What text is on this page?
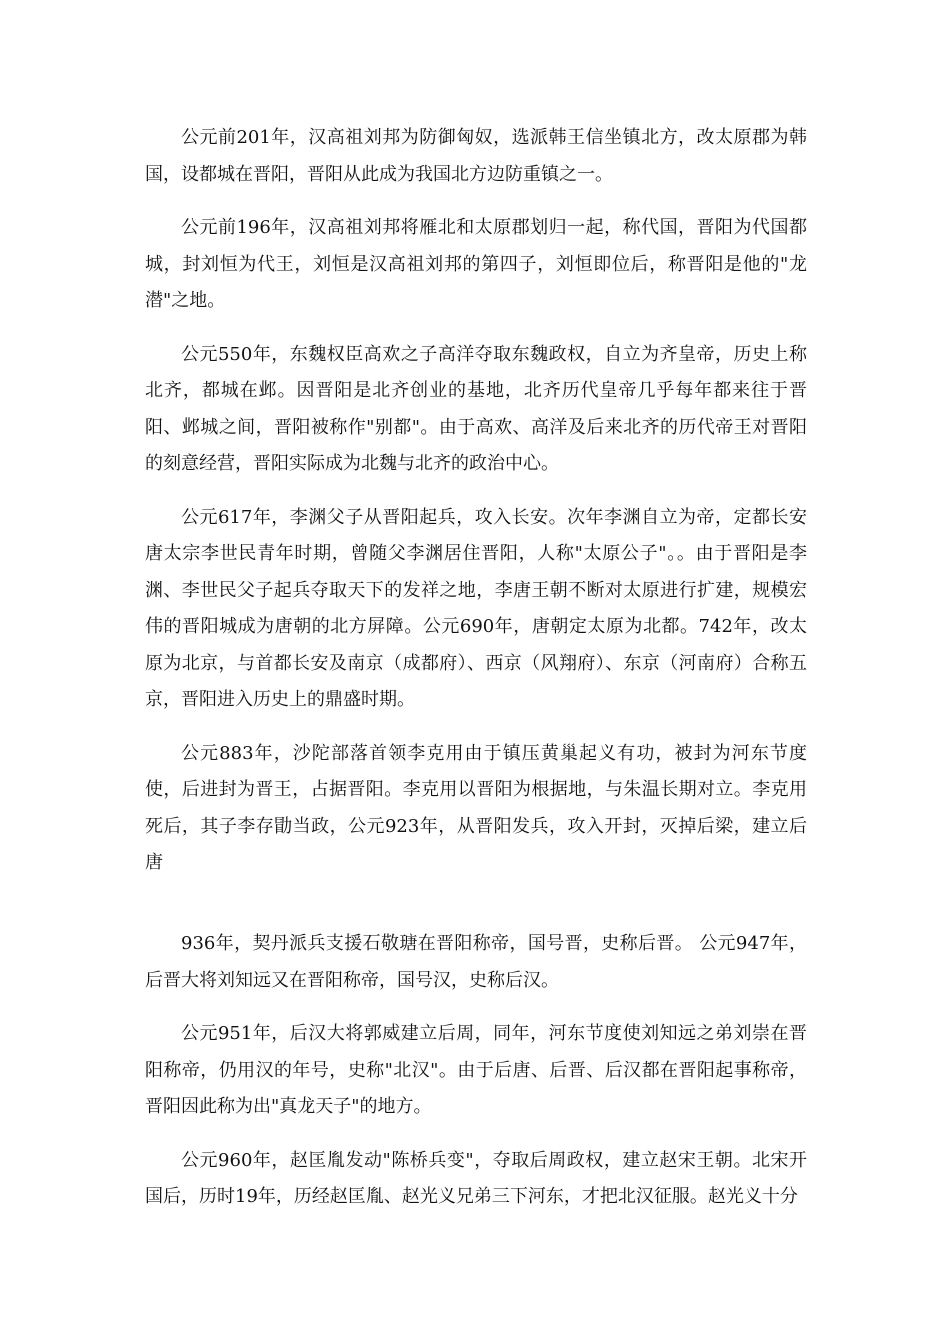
公元前201年，汉高祖刘邦为防御匈奴，选派韩王信坐镇北方，改太原郡为韩国，设都城在晋阳，晋阳从此成为我国北方边防重镇之一。

公元前196年，汉高祖刘邦将雁北和太原郡划归一起，称代国，晋阳为代国都城，封刘恒为代王，刘恒是汉高祖刘邦的第四子，刘恒即位后，称晋阳是他的"龙潜"之地。

公元550年，东魏权臣高欢之子高洋夺取东魏政权，自立为齐皇帝，历史上称北齐，都城在邺。因晋阳是北齐创业的基地，北齐历代皇帝几乎每年都来往于晋阳、邺城之间，晋阳被称作"别都"。由于高欢、高洋及后来北齐的历代帝王对晋阳的刻意经营，晋阳实际成为北魏与北齐的政治中心。

公元617年，李渊父子从晋阳起兵，攻入长安。次年李渊自立为帝，定都长安唐太宗李世民青年时期，曾随父李渊居住晋阳，人称"太原公子"。。由于晋阳是李渊、李世民父子起兵夺取天下的发祥之地，李唐王朝不断对太原进行扩建，规模宏伟的晋阳城成为唐朝的北方屏障。公元690年，唐朝定太原为北都。742年，改太原为北京，与首都长安及南京（成都府）、西京（风翔府）、东京（河南府）合称五京，晋阳进入历史上的鼎盛时期。

公元883年，沙陀部落首领李克用由于镇压黄巢起义有功，被封为河东节度使，后进封为晋王，占据晋阳。李克用以晋阳为根据地，与朱温长期对立。李克用死后，其子李存勖当政，公元923年，从晋阳发兵，攻入开封，灭掉后梁，建立后唐

936年，契丹派兵支援石敬瑭在晋阳称帝，国号晋，史称后晋。 公元947年，后晋大将刘知远又在晋阳称帝，国号汉，史称后汉。

公元951年，后汉大将郭威建立后周，同年，河东节度使刘知远之弟刘崇在晋阳称帝，仍用汉的年号，史称"北汉"。由于后唐、后晋、后汉都在晋阳起事称帝，晋阳因此称为出"真龙天子"的地方。

公元960年，赵匡胤发动"陈桥兵变"，夺取后周政权，建立赵宋王朝。北宋开国后，历时19年，历经赵匡胤、赵光义兄弟三下河东，才把北汉征服。赵光义十分
